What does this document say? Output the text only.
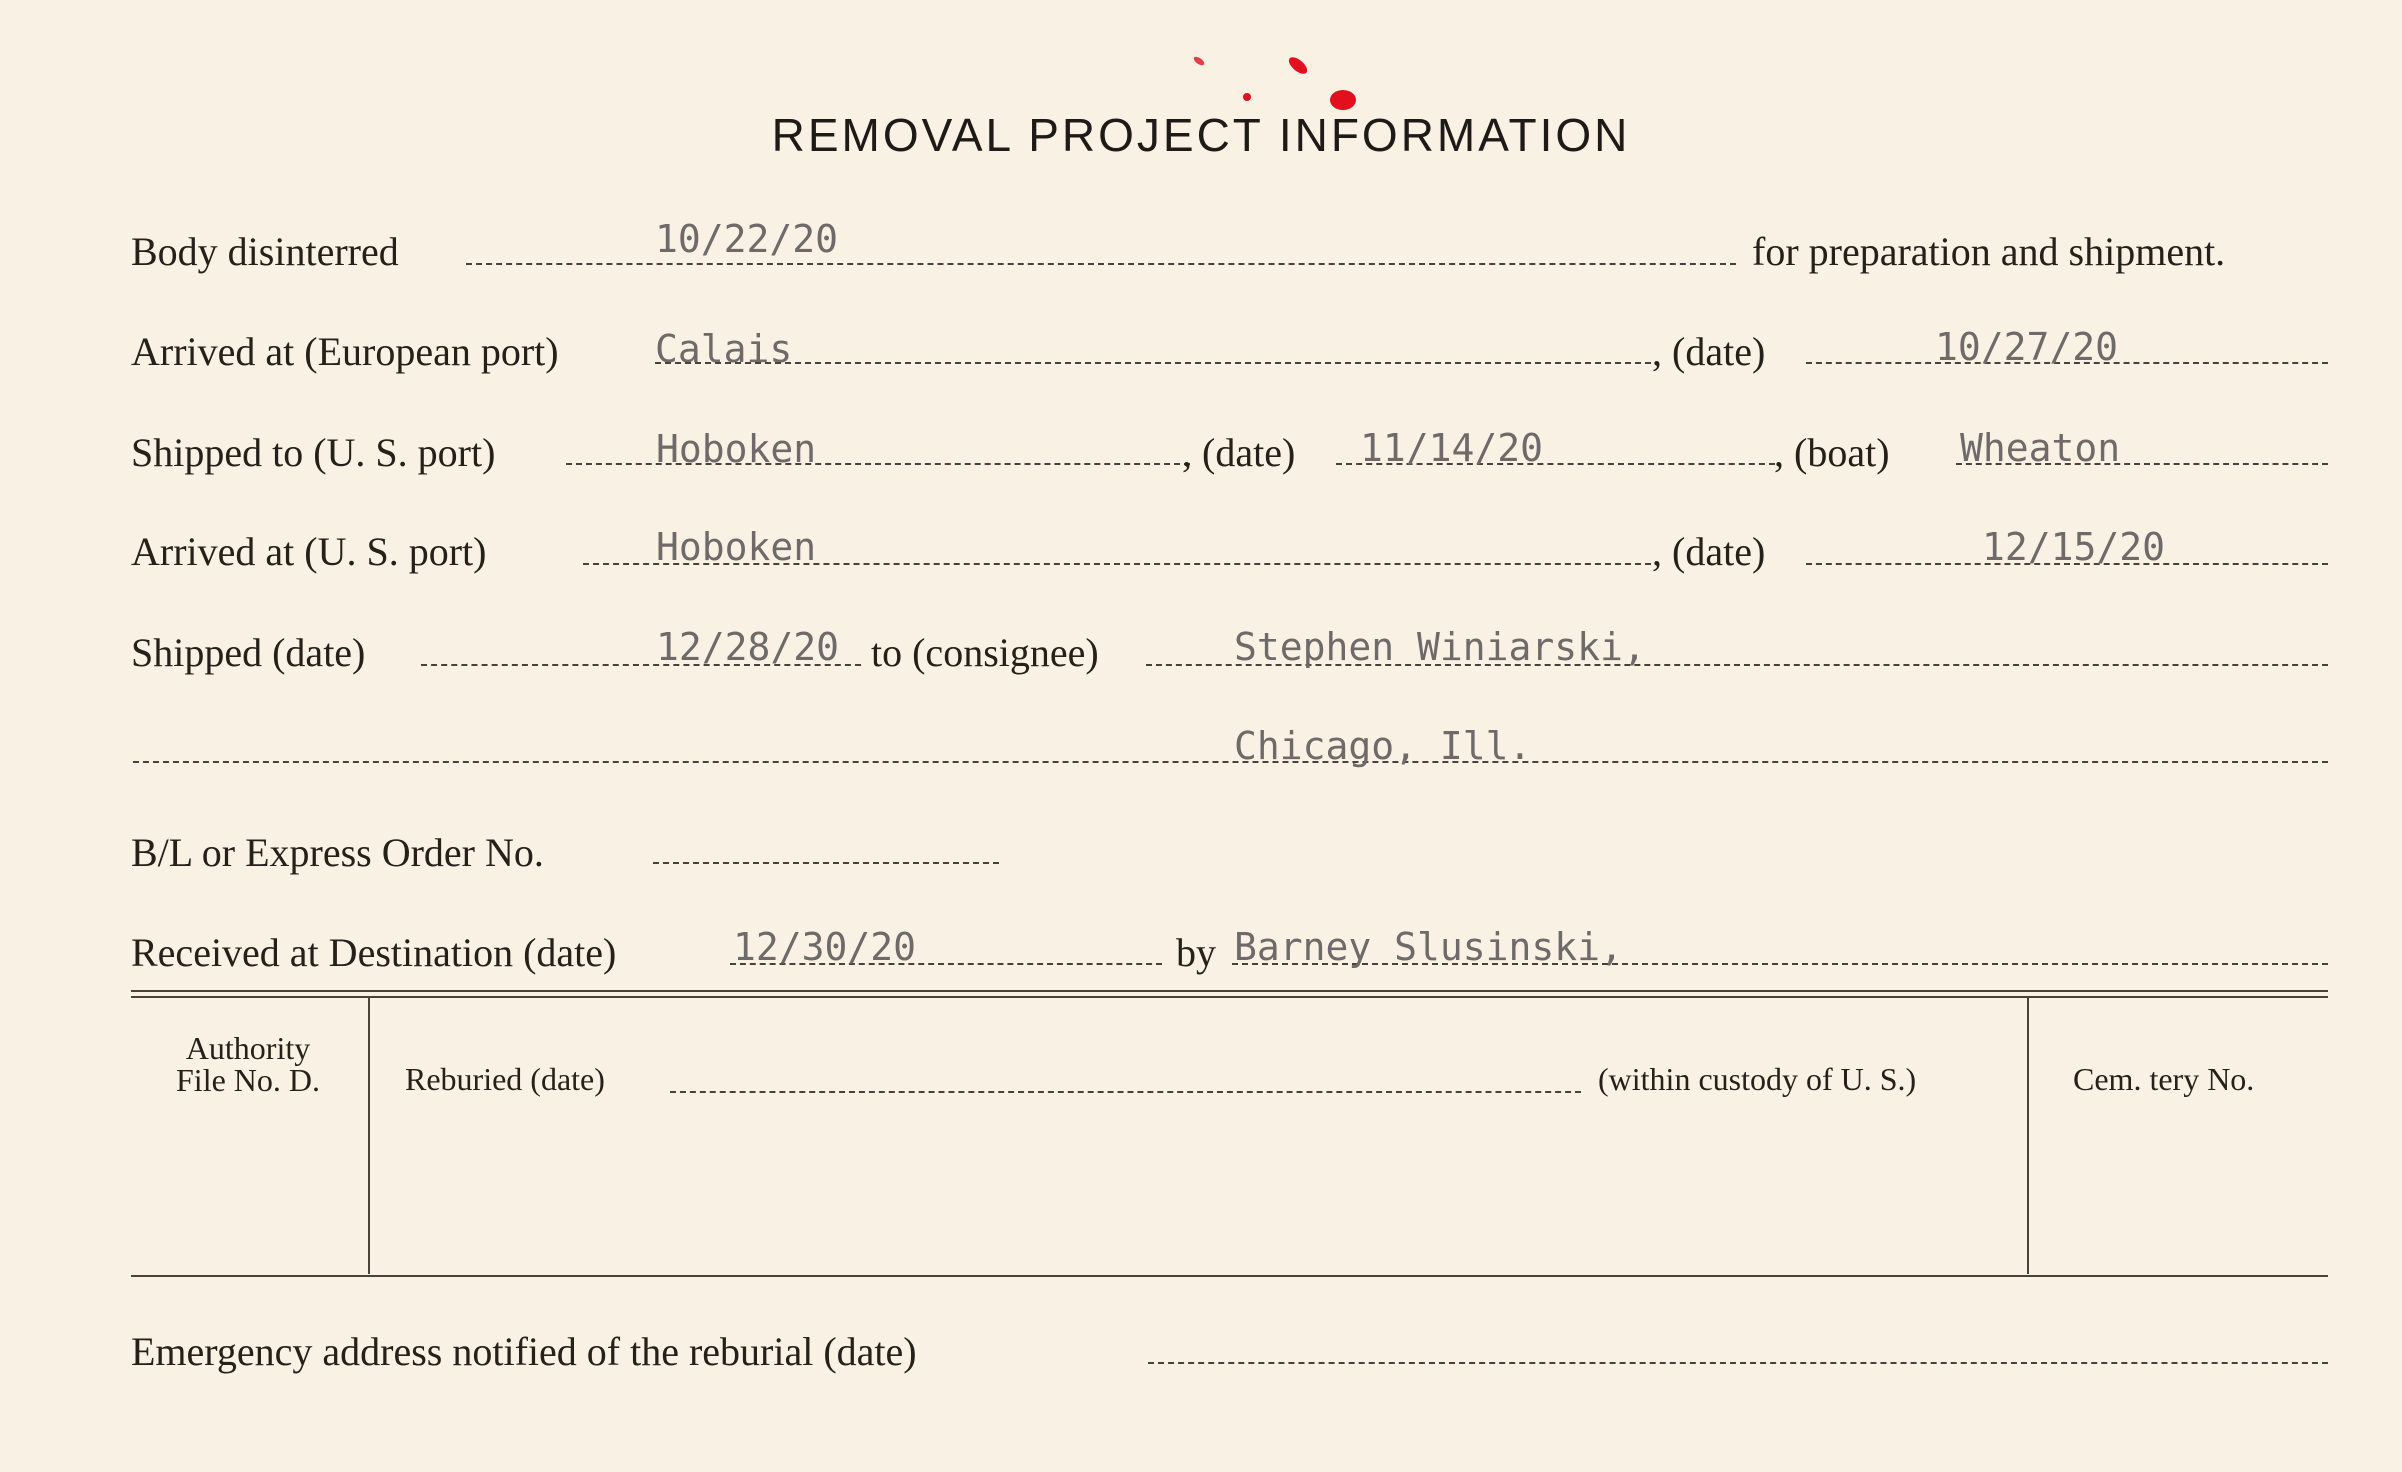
REMOVAL PROJECT INFORMATION
Body disinterred	10/22/20	for preparation and shipment.
Arrived at (European port)	Calais	, (date)	10/27/20
Shipped to (U. S. port)	Hoboken	, (date) 11/14/20	, (boat) Wheaton
Arrived at (U. S. port)	Hoboken	, (date)	12/15/20
Shipped (date)	12/28/20 to (consignee)	Stephen Winiarski,
Chicago, Ill.
B/L or Express Order No.
Received at Destination (date)	12/30/20	by Barney Slusinski,
Authority
File No. D.	Reburied (date)	(within custody of U. S.)	Cem. tery No.
Emergency address notified of the reburial (date)
